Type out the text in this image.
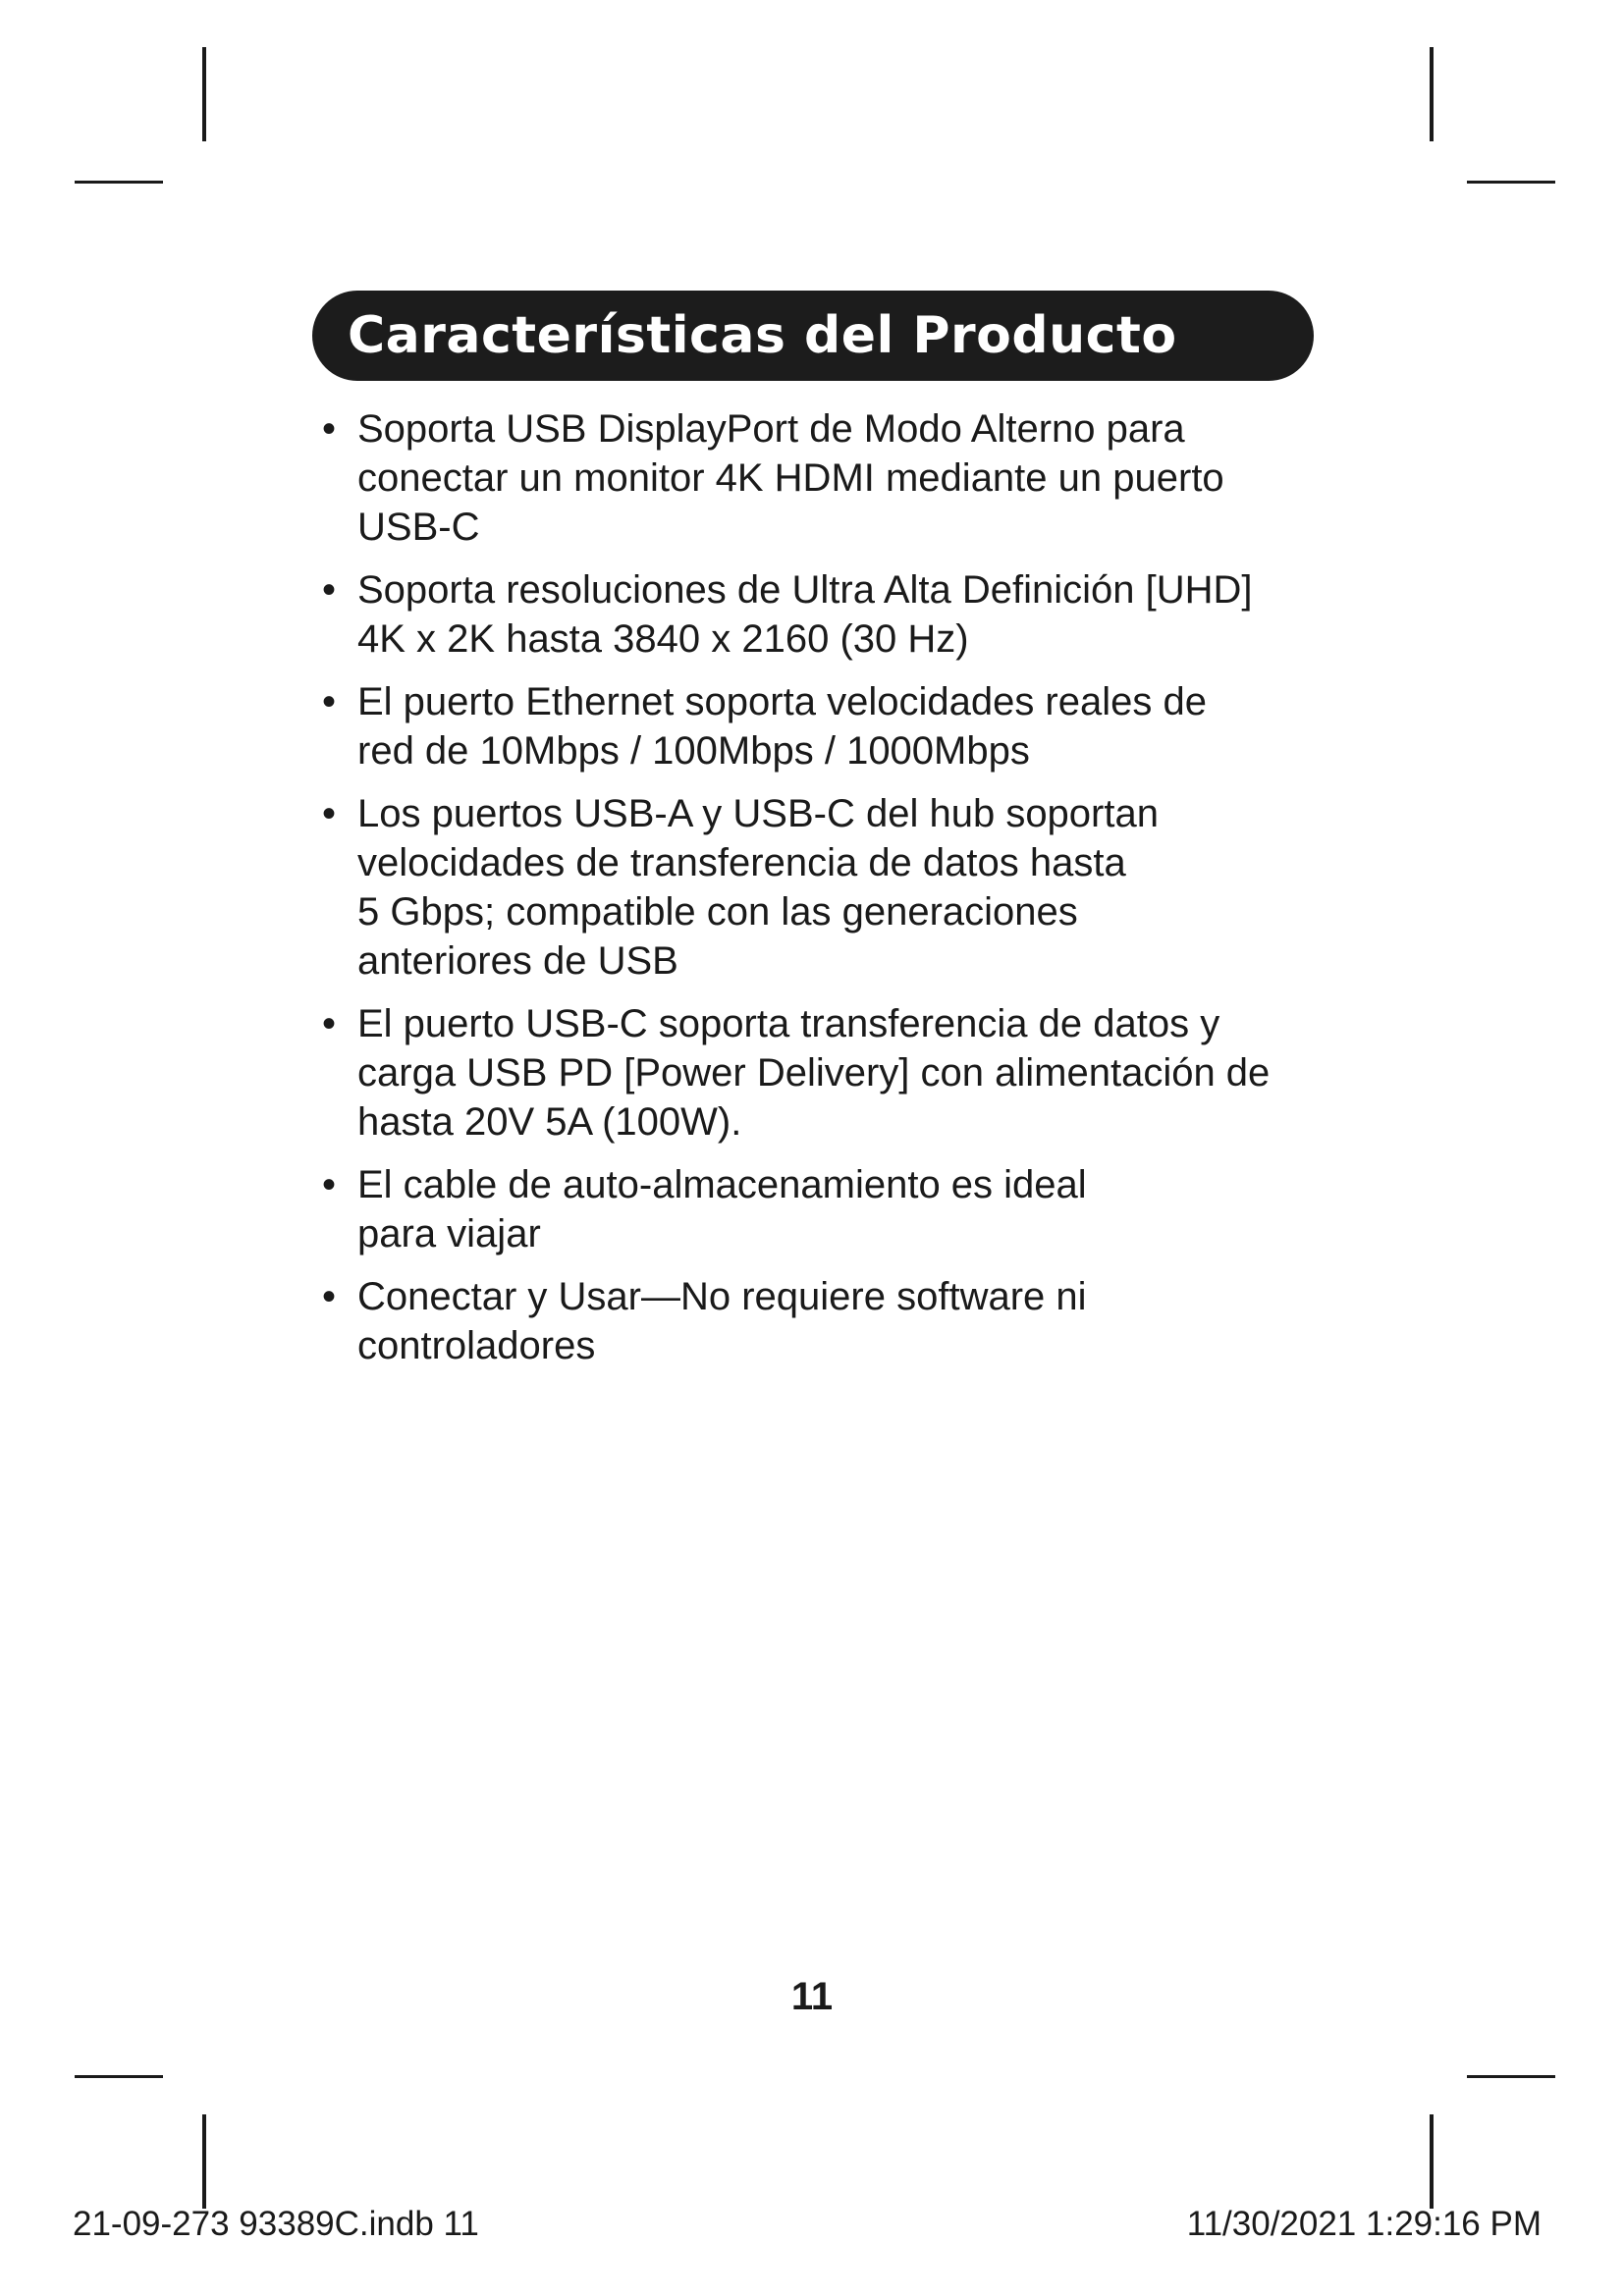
Características del Producto
• Soporta USB DisplayPort de Modo Alterno para
conectar un monitor 4K HDMI mediante un puerto
USB-C
• Soporta resoluciones de Ultra Alta Definición [UHD]
4K x 2K hasta 3840 x 2160 (30 Hz)
• El puerto Ethernet soporta velocidades reales de
red de 10Mbps / 100Mbps / 1000Mbps
• Los puertos USB-A y USB-C del hub soportan
velocidades de transferencia de datos hasta
5 Gbps; compatible con las generaciones
anteriores de USB
• El puerto USB-C soporta transferencia de datos y
carga USB PD [Power Delivery] con alimentación de
hasta 20V 5A (100W).
• El cable de auto-almacenamiento es ideal
para viajar
• Conectar y Usar—No requiere software ni
controladores
11
21-09-273 93389C.indb 11	11/30/2021 1:29:16 PM
